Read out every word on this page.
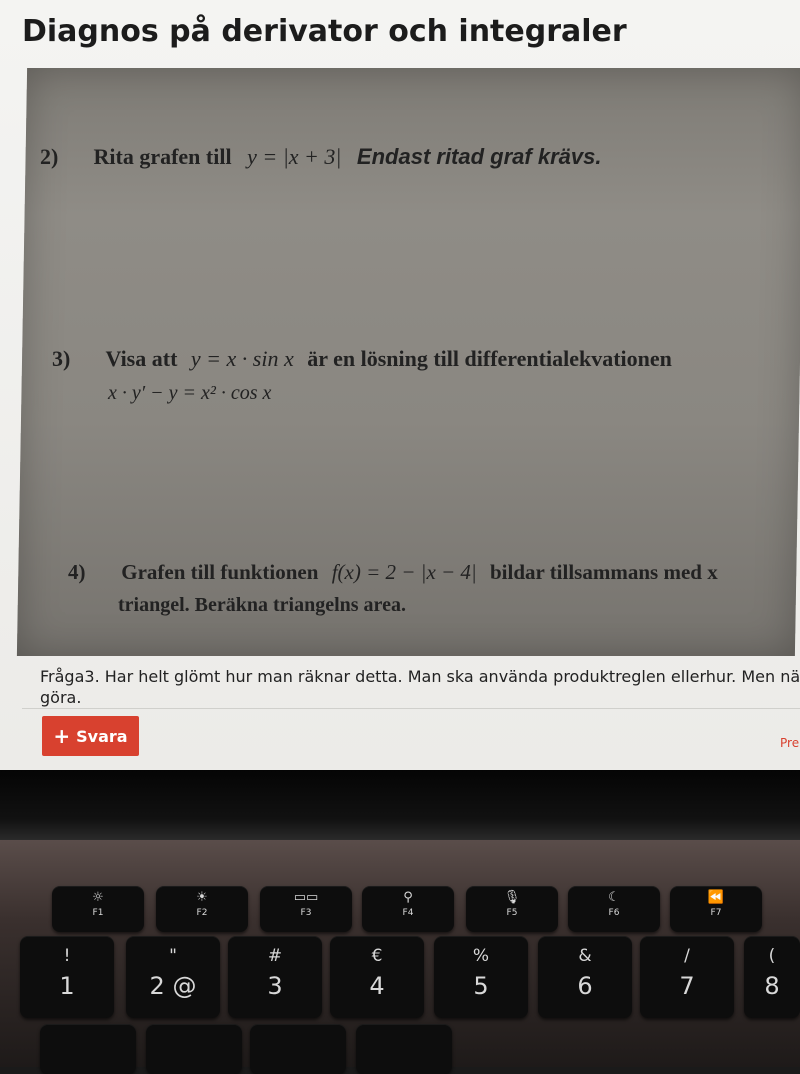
Diagnos på derivator och integraler
2) Rita grafen till y = |x + 3| Endast ritad graf krävs.
3) Visa att y = x · sin x är en lösning till differentialekvationen
x · y′ − y = x² · cos x
4) Grafen till funktionen f(x) = 2 − |x − 4| bildar tillsammans med x
triangel. Beräkna triangelns area.
Fråga3. Har helt glömt hur man räknar detta. Man ska använda produktreglen ellerhur. Men nä
göra.
+ Svara	Pre
☼
F1
☀
F2
▭▭
F3
⚲
F4
🎙
F5
☾
F6
⏪
F7
!
1
"
2 @
#
3
€
4
%
5
&
6
/
7
(
8
